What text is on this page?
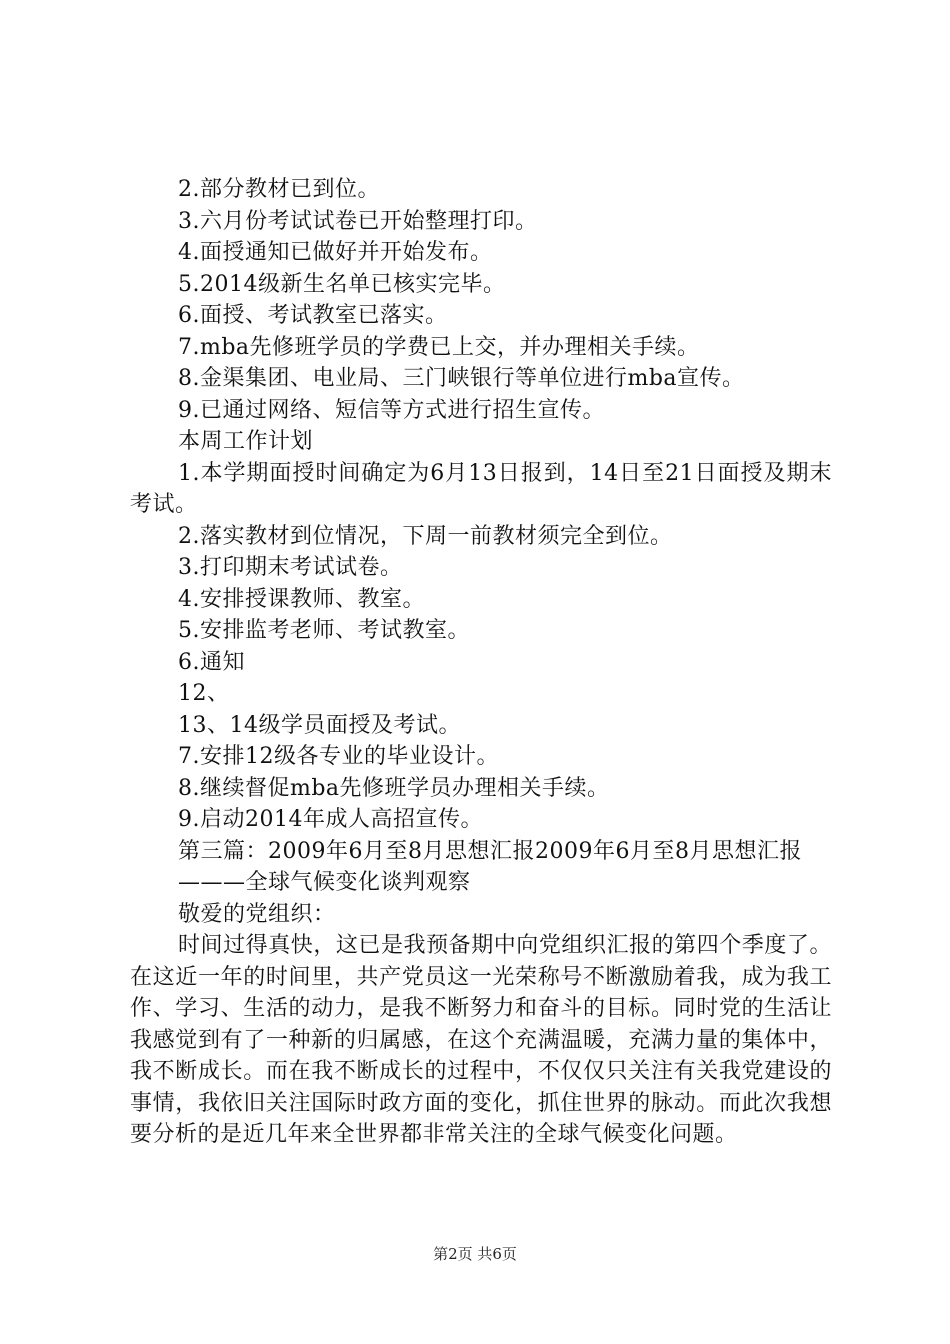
2.部分教材已到位。
3.六月份考试试卷已开始整理打印。
4.面授通知已做好并开始发布。
5.2014级新生名单已核实完毕。
6.面授、考试教室已落实。
7.mba先修班学员的学费已上交，并办理相关手续。
8.金渠集团、电业局、三门峡银行等单位进行mba宣传。
9.已通过网络、短信等方式进行招生宣传。
本周工作计划
1.本学期面授时间确定为6月13日报到，14日至21日面授及期末考试。
2.落实教材到位情况，下周一前教材须完全到位。
3.打印期末考试试卷。
4.安排授课教师、教室。
5.安排监考老师、考试教室。
6.通知
12、
13、14级学员面授及考试。
7.安排12级各专业的毕业设计。
8.继续督促mba先修班学员办理相关手续。
9.启动2014年成人高招宣传。
第三篇：2009年6月至8月思想汇报2009年6月至8月思想汇报
———全球气候变化谈判观察
敬爱的党组织：
时间过得真快，这已是我预备期中向党组织汇报的第四个季度了。在这近一年的时间里，共产党员这一光荣称号不断激励着我，成为我工作、学习、生活的动力，是我不断努力和奋斗的目标。同时党的生活让我感觉到有了一种新的归属感，在这个充满温暖，充满力量的集体中，我不断成长。而在我不断成长的过程中，不仅仅只关注有关我党建设的事情，我依旧关注国际时政方面的变化，抓住世界的脉动。而此次我想要分析的是近几年来全世界都非常关注的全球气候变化问题。
第2页 共6页
